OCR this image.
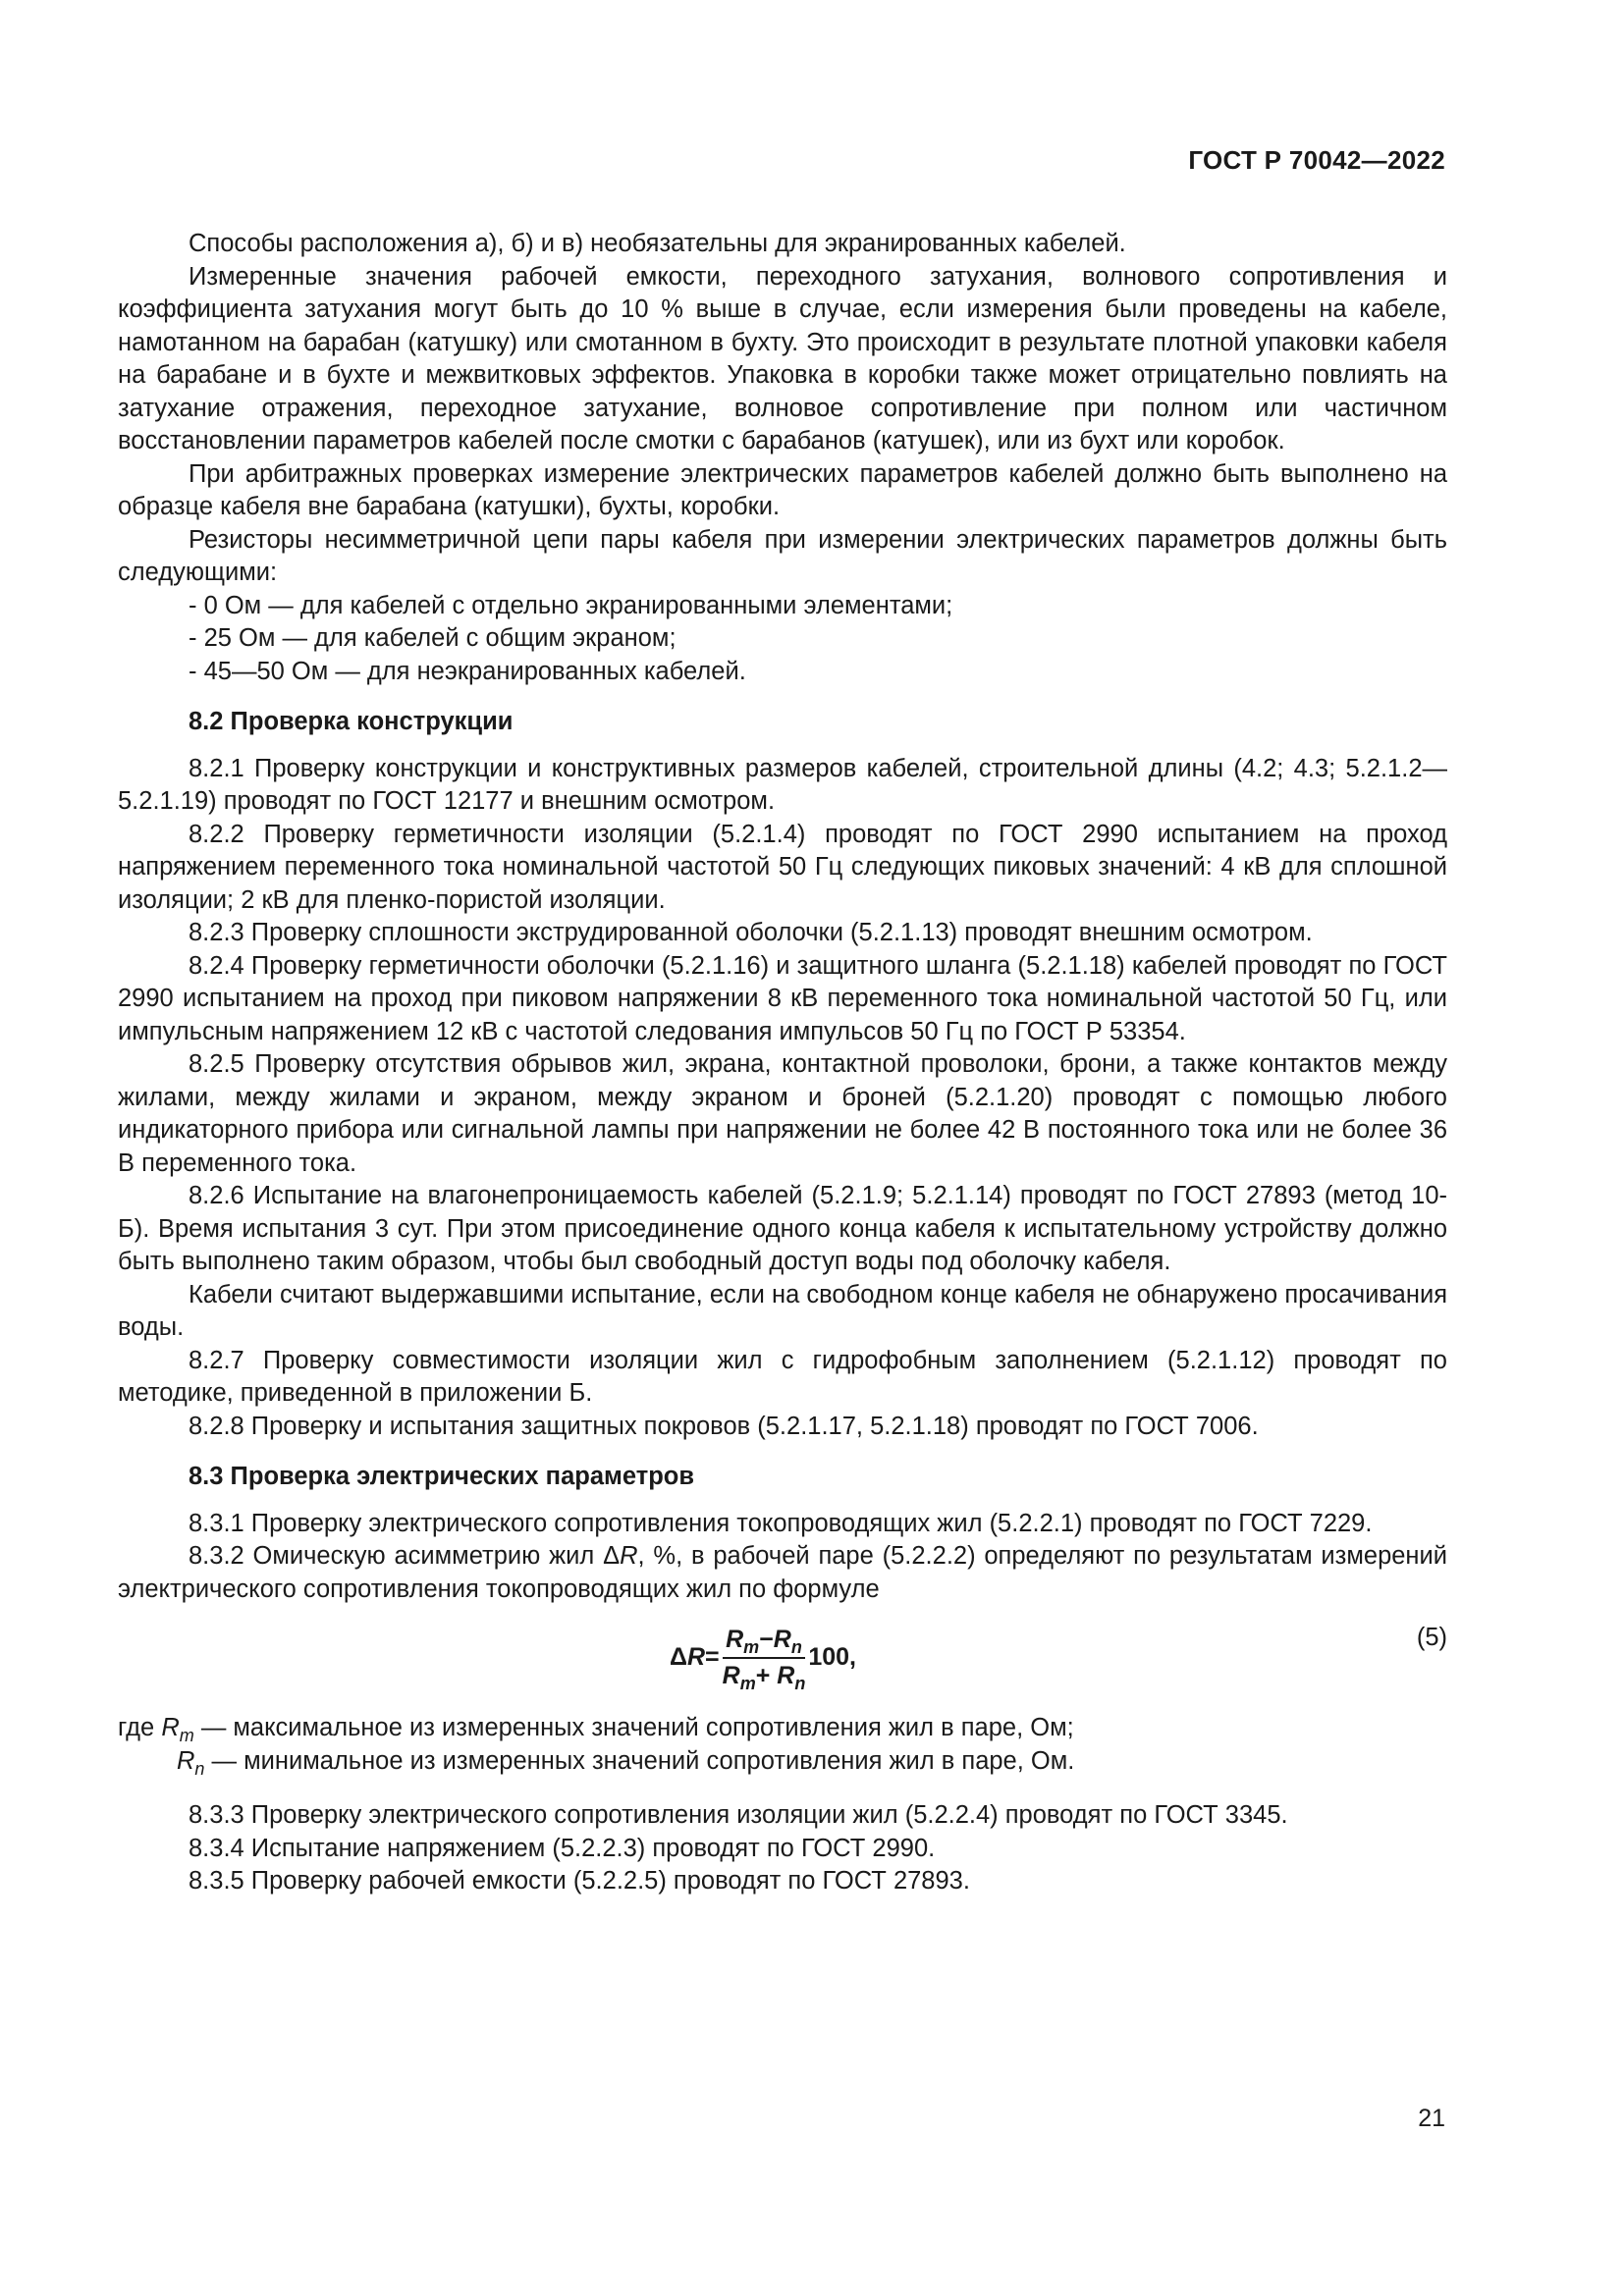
ГОСТ Р 70042—2022

Способы расположения а), б) и в) необязательны для экранированных кабелей.

Измеренные значения рабочей емкости, переходного затухания, волнового сопротивления и коэффициента затухания могут быть до 10 % выше в случае, если измерения были проведены на кабеле, намотанном на барабан (катушку) или смотанном в бухту. Это происходит в результате плотной упаковки кабеля на барабане и в бухте и межвитковых эффектов. Упаковка в коробки также может отрицательно повлиять на затухание отражения, переходное затухание, волновое сопротивление при полном или частичном восстановлении параметров кабелей после смотки с барабанов (катушек), или из бухт или коробок.

При арбитражных проверках измерение электрических параметров кабелей должно быть выполнено на образце кабеля вне барабана (катушки), бухты, коробки.

Резисторы несимметричной цепи пары кабеля при измерении электрических параметров должны быть следующими:

- 0 Ом — для кабелей с отдельно экранированными элементами;

- 25 Ом — для кабелей с общим экраном;

- 45—50 Ом — для неэкранированных кабелей.

8.2 Проверка конструкции

8.2.1 Проверку конструкции и конструктивных размеров кабелей, строительной длины (4.2; 4.3; 5.2.1.2—5.2.1.19) проводят по ГОСТ 12177 и внешним осмотром.

8.2.2 Проверку герметичности изоляции (5.2.1.4) проводят по ГОСТ 2990 испытанием на проход напряжением переменного тока номинальной частотой 50 Гц следующих пиковых значений: 4 кВ для сплошной изоляции; 2 кВ для пленко-пористой изоляции.

8.2.3 Проверку сплошности экструдированной оболочки (5.2.1.13) проводят внешним осмотром.

8.2.4 Проверку герметичности оболочки (5.2.1.16) и защитного шланга (5.2.1.18) кабелей проводят по ГОСТ 2990 испытанием на проход при пиковом напряжении 8 кВ переменного тока номинальной частотой 50 Гц, или импульсным напряжением 12 кВ с частотой следования импульсов 50 Гц по ГОСТ Р 53354.

8.2.5 Проверку отсутствия обрывов жил, экрана, контактной проволоки, брони, а также контактов между жилами, между жилами и экраном, между экраном и броней (5.2.1.20) проводят с помощью любого индикаторного прибора или сигнальной лампы при напряжении не более 42 В постоянного тока или не более 36 В переменного тока.

8.2.6 Испытание на влагонепроницаемость кабелей (5.2.1.9; 5.2.1.14) проводят по ГОСТ 27893 (метод 10-Б). Время испытания 3 сут. При этом присоединение одного конца кабеля к испытательному устройству должно быть выполнено таким образом, чтобы был свободный доступ воды под оболочку кабеля.

Кабели считают выдержавшими испытание, если на свободном конце кабеля не обнаружено просачивания воды.

8.2.7 Проверку совместимости изоляции жил с гидрофобным заполнением (5.2.1.12) проводят по методике, приведенной в приложении Б.

8.2.8 Проверку и испытания защитных покровов (5.2.1.17, 5.2.1.18) проводят по ГОСТ 7006.

8.3 Проверка электрических параметров

8.3.1 Проверку электрического сопротивления токопроводящих жил (5.2.2.1) проводят по ГОСТ 7229.

8.3.2 Омическую асимметрию жил ΔR, %, в рабочей паре (5.2.2.2) определяют по результатам измерений электрического сопротивления токопроводящих жил по формуле

Δ $R = \frac{R_m-R_n}{R_m+ R_n} 100$,
(5)

где $R_m$ — максимальное из измеренных значений сопротивления жил в паре, Ом;

$R_n$ — минимальное из измеренных значений сопротивления жил в паре, Ом.

8.3.3 Проверку электрического сопротивления изоляции жил (5.2.2.4) проводят по ГОСТ 3345.

8.3.4 Испытание напряжением (5.2.2.3) проводят по ГОСТ 2990.

8.3.5 Проверку рабочей емкости (5.2.2.5) проводят по ГОСТ 27893.

21
